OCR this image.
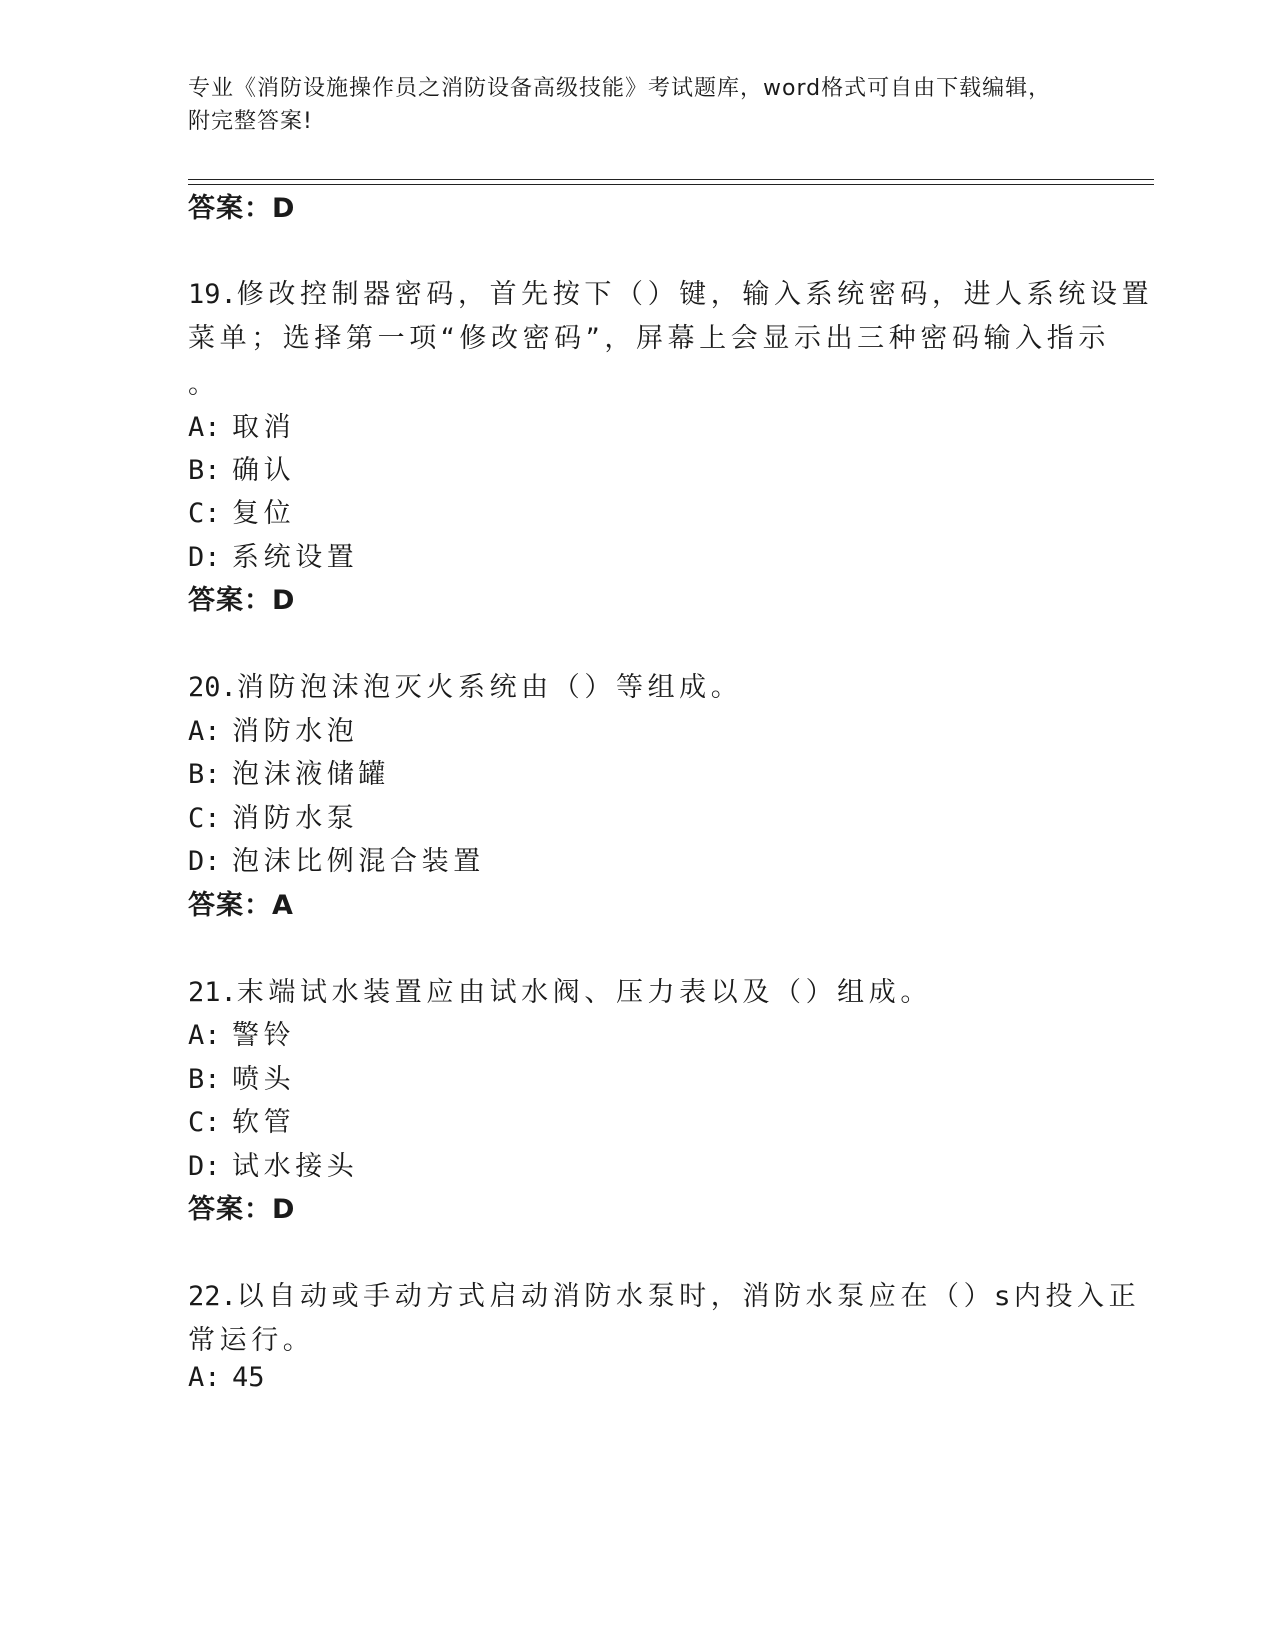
专业《消防设施操作员之消防设备高级技能》考试题库，word格式可自由下载编辑，附完整答案!
答案：D
19.修改控制器密码，首先按下（）键，输入系统密码，进人系统设置
菜单；选择第一项“修改密码”，屏幕上会显示出三种密码输入指示
。
A: 取消
B: 确认
C: 复位
D: 系统设置
答案：D
20.消防泡沫泡灭火系统由（）等组成。
A: 消防水泡
B: 泡沫液储罐
C: 消防水泵
D: 泡沫比例混合装置
答案：A
21.末端试水装置应由试水阀、压力表以及（）组成。
A: 警铃
B: 喷头
C: 软管
D: 试水接头
答案：D
22.以自动或手动方式启动消防水泵时，消防水泵应在（）s内投入正
常运行。
A: 45
